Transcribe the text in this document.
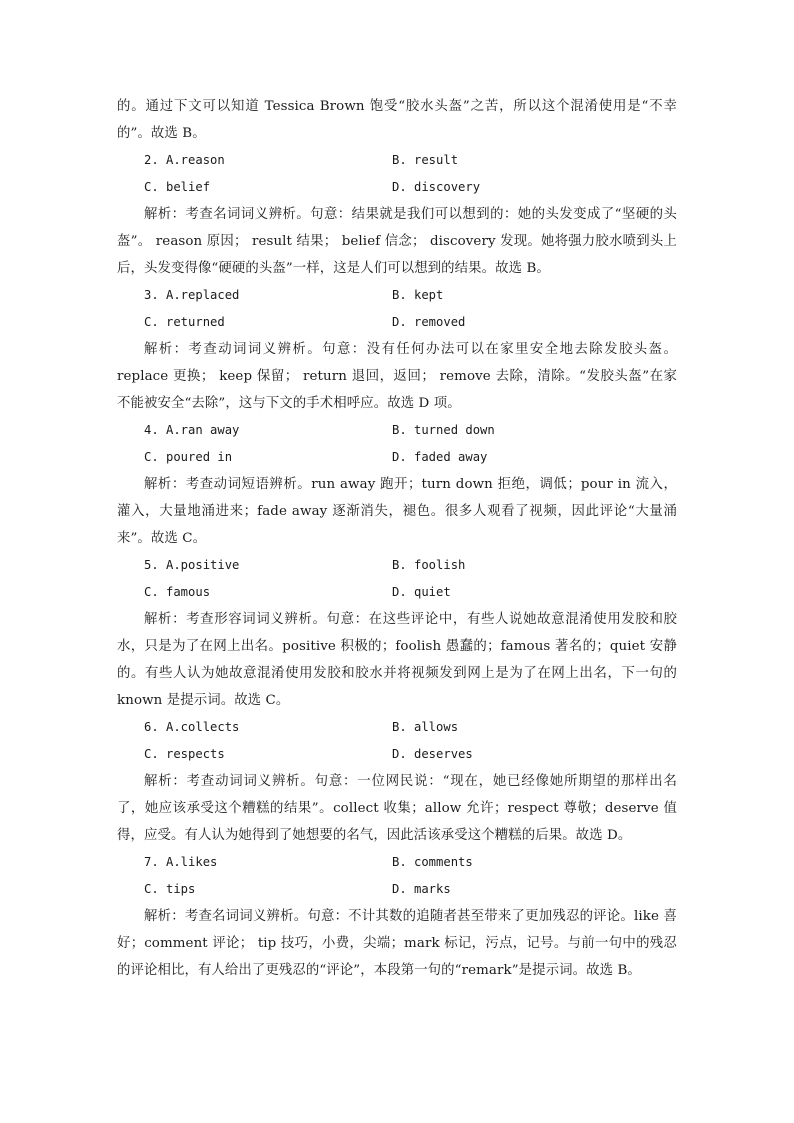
的。通过下文可以知道 Tessica Brown 饱受“胶水头盔”之苦，所以这个混淆使用是“不幸的”。故选 B。

2. A.reason	B. result
C. belief	D. discovery

解析：考查名词词义辨析。句意：结果就是我们可以想到的：她的头发变成了“坚硬的头盔”。 reason 原因； result 结果； belief 信念； discovery 发现。她将强力胶水喷到头上后，头发变得像“硬硬的头盔”一样，这是人们可以想到的结果。故选 B。

3. A.replaced	B. kept
C. returned	D. removed

解析：考查动词词义辨析。句意：没有任何办法可以在家里安全地去除发胶头盔。replace 更换； keep 保留； return 退回，返回； remove 去除，清除。“发胶头盔”在家不能被安全“去除”，这与下文的手术相呼应。故选 D 项。

4. A.ran away	B. turned down
C. poured in	D. faded away

解析：考查动词短语辨析。run away 跑开；turn down 拒绝，调低；pour in 流入，灌入，大量地涌进来；fade away 逐渐消失，褪色。很多人观看了视频，因此评论“大量涌来”。故选 C。

5. A.positive	B. foolish
C. famous	D. quiet

解析：考查形容词词义辨析。句意：在这些评论中，有些人说她故意混淆使用发胶和胶水，只是为了在网上出名。positive 积极的；foolish 愚蠢的；famous 著名的；quiet 安静的。有些人认为她故意混淆使用发胶和胶水并将视频发到网上是为了在网上出名，下一句的 known 是提示词。故选 C。

6. A.collects	B. allows
C. respects	D. deserves

解析：考查动词词义辨析。句意：一位网民说：“现在，她已经像她所期望的那样出名了，她应该承受这个糟糕的结果”。collect 收集；allow 允许；respect 尊敬；deserve 值得，应受。有人认为她得到了她想要的名气，因此活该承受这个糟糕的后果。故选 D。

7. A.likes	B. comments
C. tips	D. marks

解析：考查名词词义辨析。句意：不计其数的追随者甚至带来了更加残忍的评论。like 喜好；comment 评论； tip 技巧，小费，尖端；mark 标记，污点，记号。与前一句中的残忍的评论相比，有人给出了更残忍的“评论”，本段第一句的“remark”是提示词。故选 B。
